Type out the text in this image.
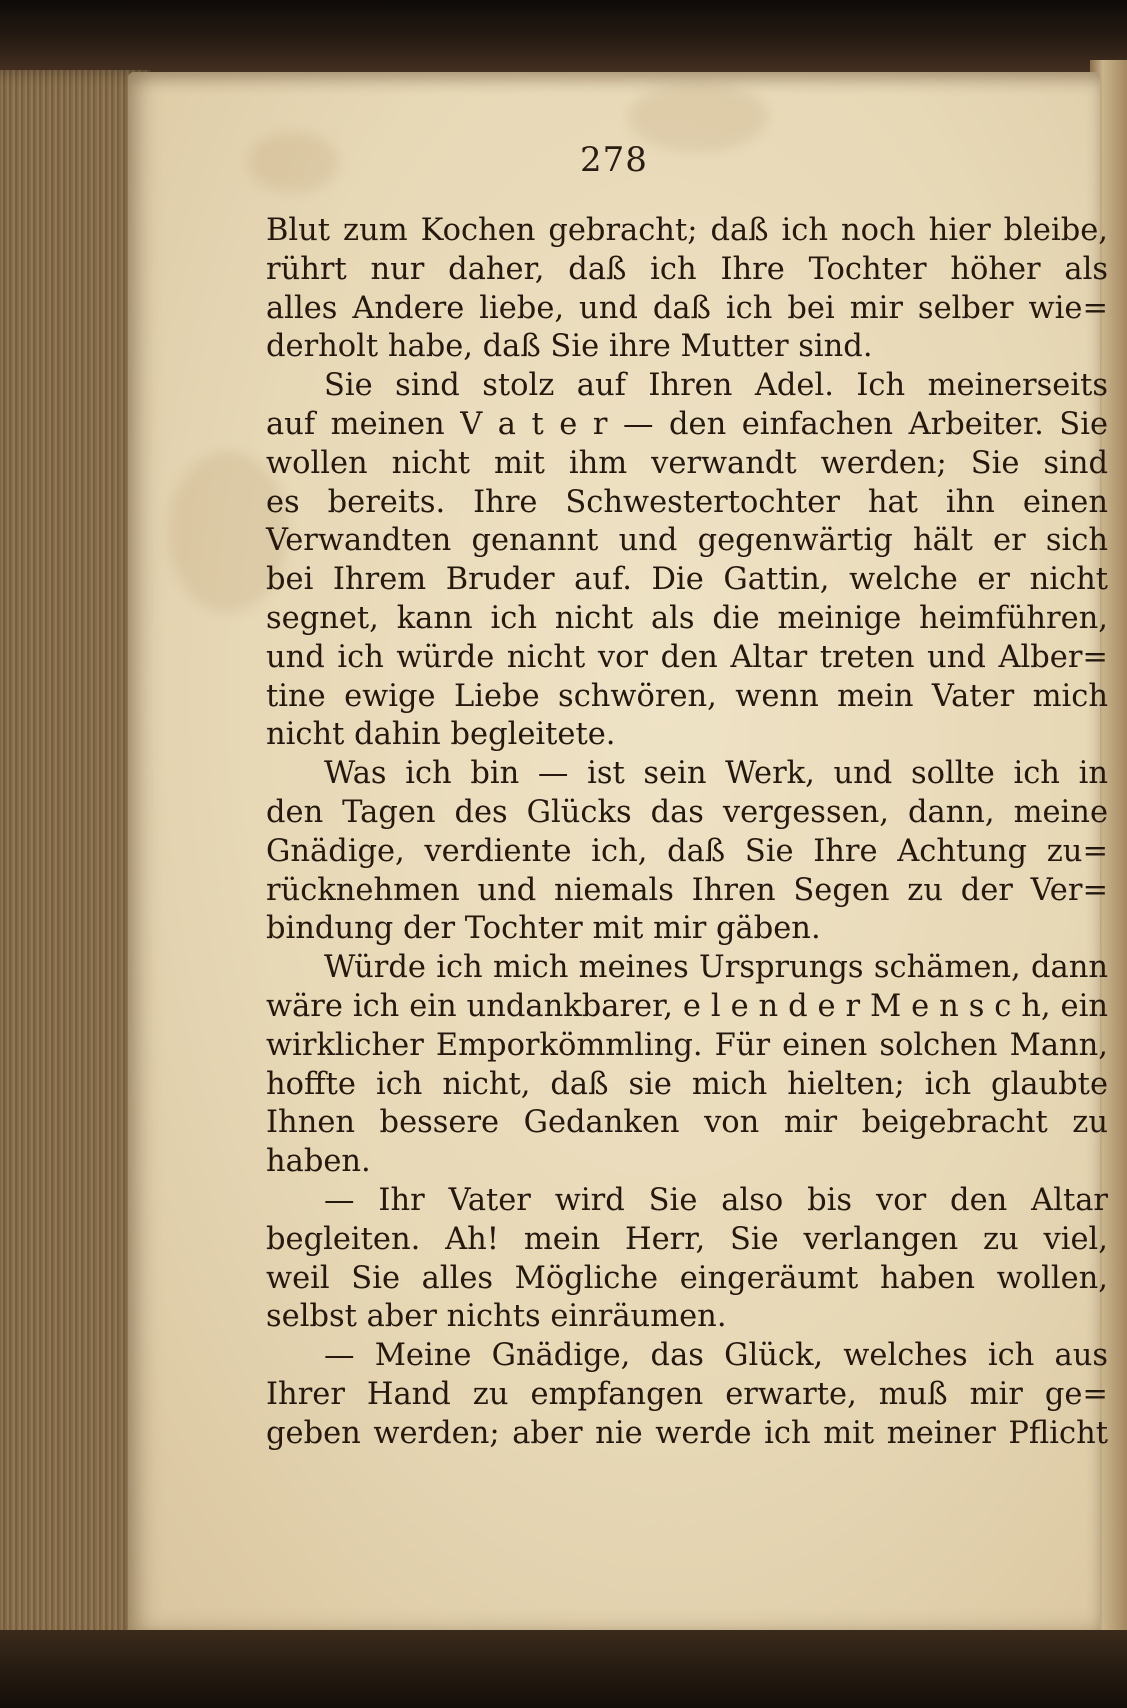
278
Blut zum Kochen gebracht; daß ich noch hier bleibe,
rührt nur daher, daß ich Ihre Tochter höher als
alles Andere liebe, und daß ich bei mir selber wie=
derholt habe, daß Sie ihre Mutter sind.
Sie sind stolz auf Ihren Adel. Ich meinerseits
auf meinen V a t e r — den einfachen Arbeiter. Sie
wollen nicht mit ihm verwandt werden; Sie sind
es bereits. Ihre Schwestertochter hat ihn einen
Verwandten genannt und gegenwärtig hält er sich
bei Ihrem Bruder auf. Die Gattin, welche er nicht
segnet, kann ich nicht als die meinige heimführen,
und ich würde nicht vor den Altar treten und Alber=
tine ewige Liebe schwören, wenn mein Vater mich
nicht dahin begleitete.
Was ich bin — ist sein Werk, und sollte ich in
den Tagen des Glücks das vergessen, dann, meine
Gnädige, verdiente ich, daß Sie Ihre Achtung zu=
rücknehmen und niemals Ihren Segen zu der Ver=
bindung der Tochter mit mir gäben.
Würde ich mich meines Ursprungs schämen, dann
wäre ich ein undankbarer, e l e n d e r M e n s c h, ein
wirklicher Emporkömmling. Für einen solchen Mann,
hoffte ich nicht, daß sie mich hielten; ich glaubte
Ihnen bessere Gedanken von mir beigebracht zu
haben.
— Ihr Vater wird Sie also bis vor den Altar
begleiten. Ah! mein Herr, Sie verlangen zu viel,
weil Sie alles Mögliche eingeräumt haben wollen,
selbst aber nichts einräumen.
— Meine Gnädige, das Glück, welches ich aus
Ihrer Hand zu empfangen erwarte, muß mir ge=
geben werden; aber nie werde ich mit meiner Pflicht
